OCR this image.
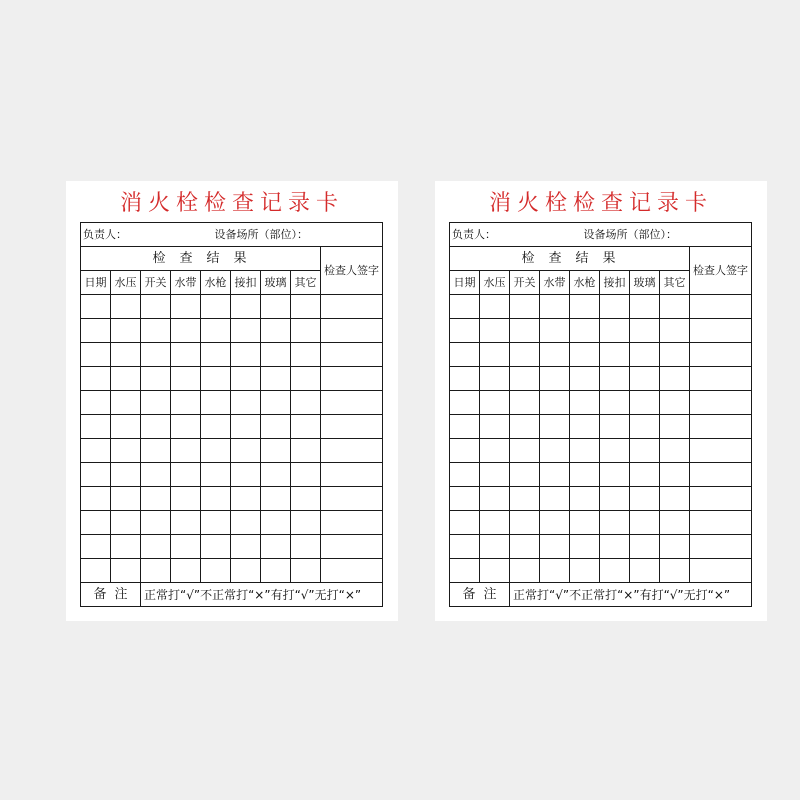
消火栓检查记录卡
负责人： 设备场所（部位）：								
检查结果								检查人签字
日期	水压	开关	水带	水枪	接扣	玻璃	其它	

备注		正常打“√”不正常打“×”有打“√”无打“×”						
消火栓检查记录卡
负责人： 设备场所（部位）：								
检查结果								检查人签字
日期	水压	开关	水带	水枪	接扣	玻璃	其它	

备注		正常打“√”不正常打“×”有打“√”无打“×”						
